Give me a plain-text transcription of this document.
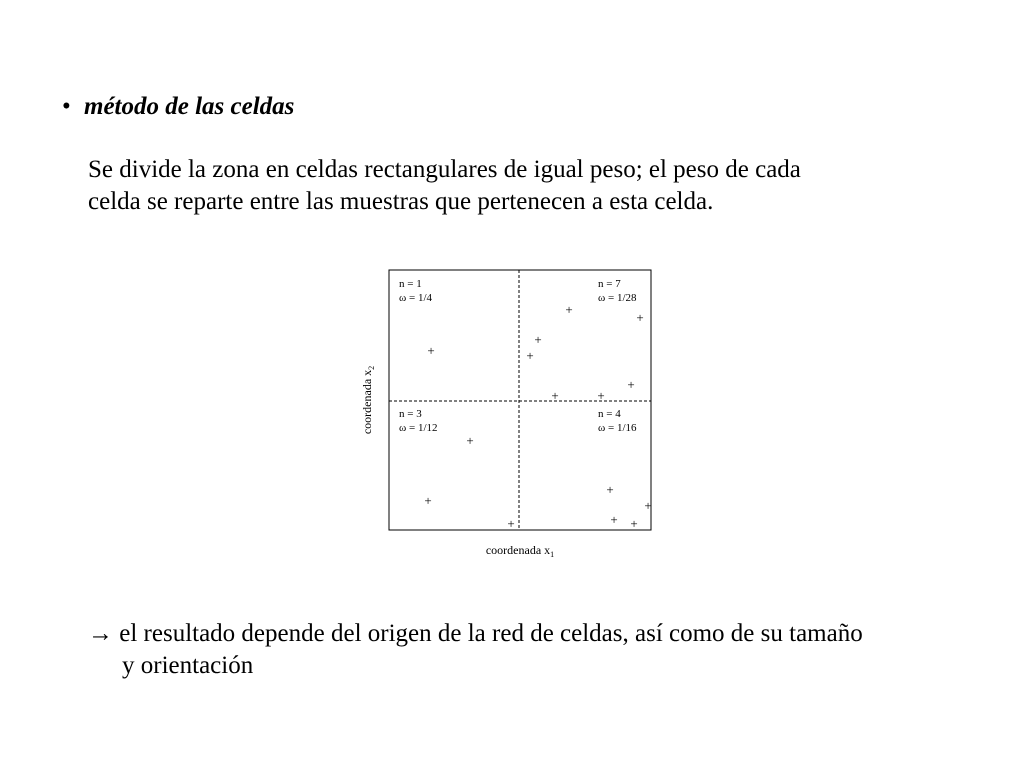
• método de las celdas

Se divide la zona en celdas rectangulares de igual peso; el peso de cada

celda se reparte entre las muestras que pertenecen a esta celda.

n = 1
ω = 1/4
n = 7
ω = 1/28
n = 3
ω = 1/12
n = 4
ω = 1/16
+
+
+
+
+
+
+	+
+
+
+	+
+ +
+
coordenada $x_1$
coordenada $x_2$
→ el resultado depende del origen de la red de celdas, así como de su tamaño
y orientación
